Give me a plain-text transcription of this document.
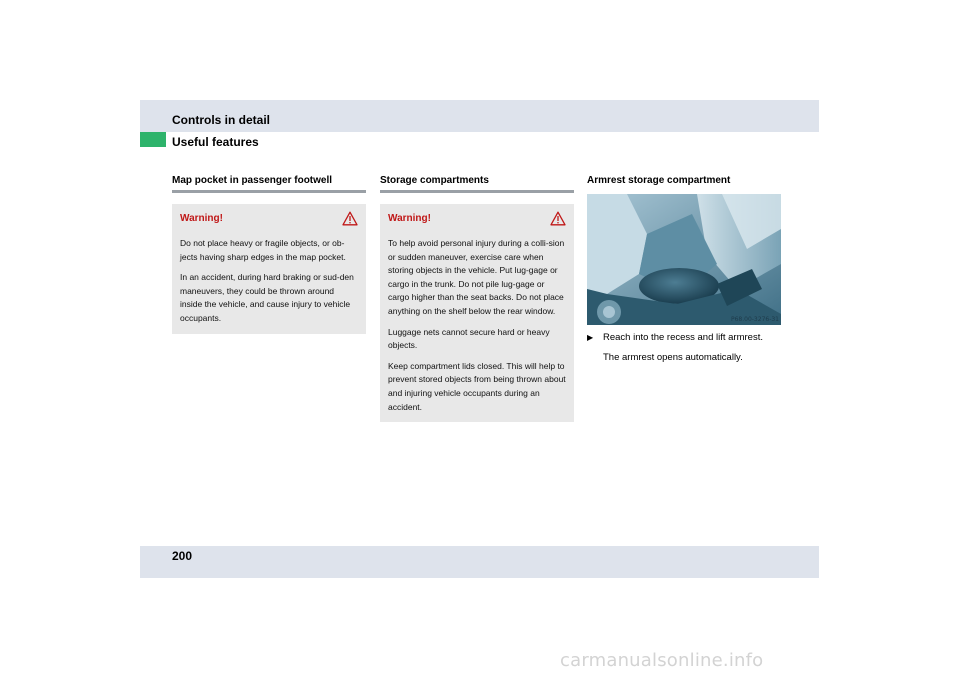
Controls in detail
Useful features
Map pocket in passenger footwell
Warning!

Do not place heavy or fragile objects, or ob-jects having sharp edges in the map pocket.

In an accident, during hard braking or sud-den maneuvers, they could be thrown around inside the vehicle, and cause injury to vehicle occupants.

Storage compartments
Warning!

To help avoid personal injury during a colli-sion or sudden maneuver, exercise care when storing objects in the vehicle. Put lug-gage or cargo in the trunk. Do not pile lug-gage or cargo higher than the seat backs. Do not place anything on the shelf below the rear window.

Luggage nets cannot secure hard or heavy objects.

Keep compartment lids closed. This will help to prevent stored objects from being thrown about and injuring vehicle occupants during an accident.

Armrest storage compartment
P68.00-3276-31
▶	Reach into the recess and lift armrest.
The armrest opens automatically.
200
carmanualsonline.info
